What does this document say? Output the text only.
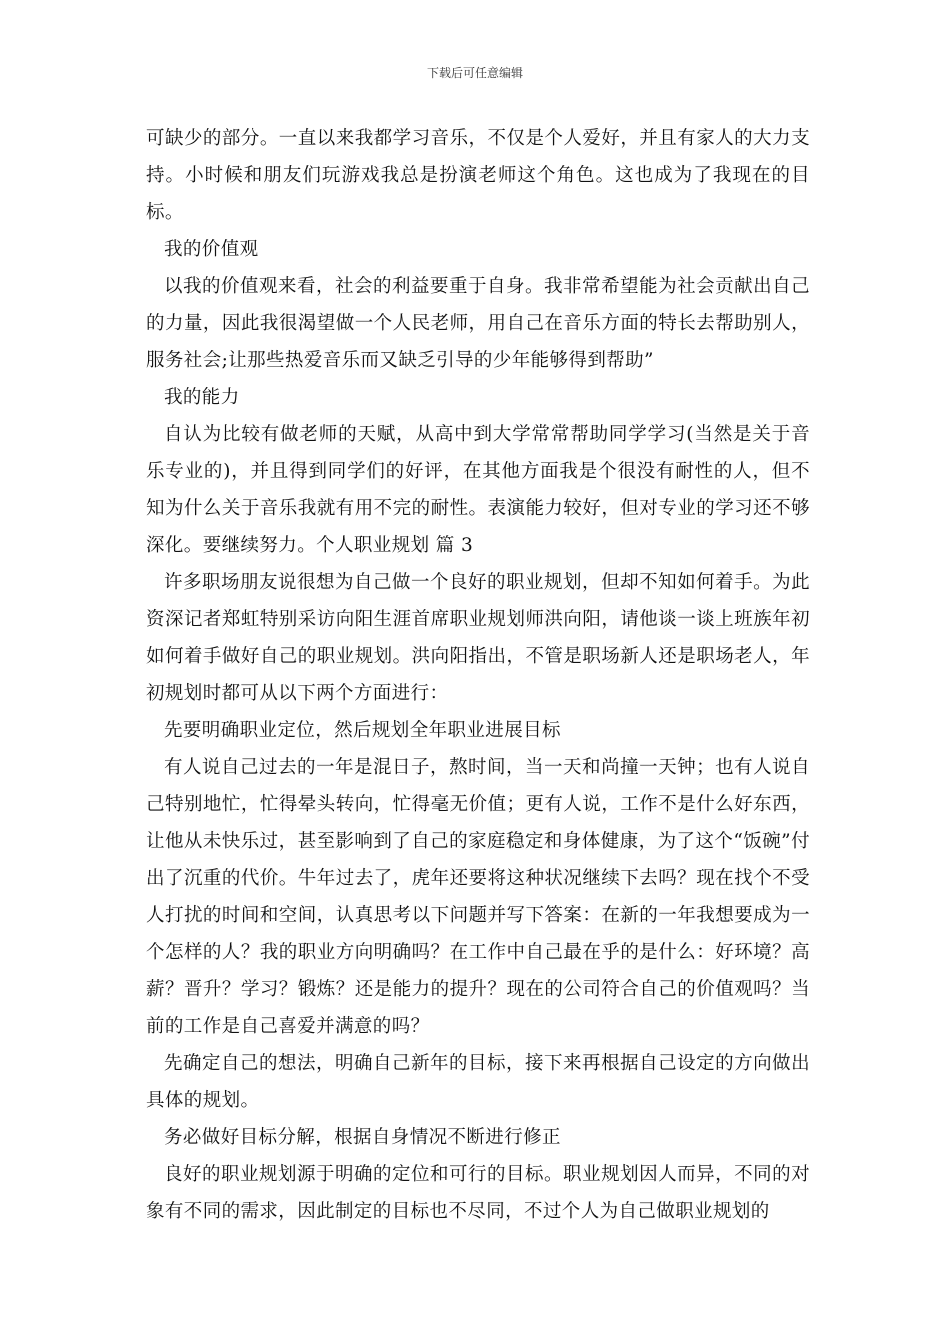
下载后可任意编辑

可缺少的部分。一直以来我都学习音乐，不仅是个人爱好，并且有家人的大力支持。小时候和朋友们玩游戏我总是扮演老师这个角色。这也成为了我现在的目标。

我的价值观

以我的价值观来看，社会的利益要重于自身。我非常希望能为社会贡献出自己的力量，因此我很渴望做一个人民老师，用自己在音乐方面的特长去帮助别人，服务社会;让那些热爱音乐而又缺乏引导的少年能够得到帮助”

我的能力

自认为比较有做老师的天赋，从高中到大学常常帮助同学学习(当然是关于音乐专业的)，并且得到同学们的好评，在其他方面我是个很没有耐性的人，但不知为什么关于音乐我就有用不完的耐性。表演能力较好，但对专业的学习还不够深化。要继续努力。个人职业规划 篇 3

许多职场朋友说很想为自己做一个良好的职业规划，但却不知如何着手。为此资深记者郑虹特别采访向阳生涯首席职业规划师洪向阳，请他谈一谈上班族年初如何着手做好自己的职业规划。洪向阳指出，不管是职场新人还是职场老人，年初规划时都可从以下两个方面进行：

先要明确职业定位，然后规划全年职业进展目标

有人说自己过去的一年是混日子，熬时间，当一天和尚撞一天钟；也有人说自己特别地忙，忙得晕头转向，忙得毫无价值；更有人说，工作不是什么好东西，让他从未快乐过，甚至影响到了自己的家庭稳定和身体健康，为了这个“饭碗”付出了沉重的代价。牛年过去了，虎年还要将这种状况继续下去吗？现在找个不受人打扰的时间和空间，认真思考以下问题并写下答案：在新的一年我想要成为一个怎样的人？我的职业方向明确吗？在工作中自己最在乎的是什么：好环境？高薪？晋升？学习？锻炼？还是能力的提升？现在的公司符合自己的价值观吗？当前的工作是自己喜爱并满意的吗？

先确定自己的想法，明确自己新年的目标，接下来再根据自己设定的方向做出具体的规划。

务必做好目标分解，根据自身情况不断进行修正

良好的职业规划源于明确的定位和可行的目标。职业规划因人而异，不同的对象有不同的需求，因此制定的目标也不尽同，不过个人为自己做职业规划的
